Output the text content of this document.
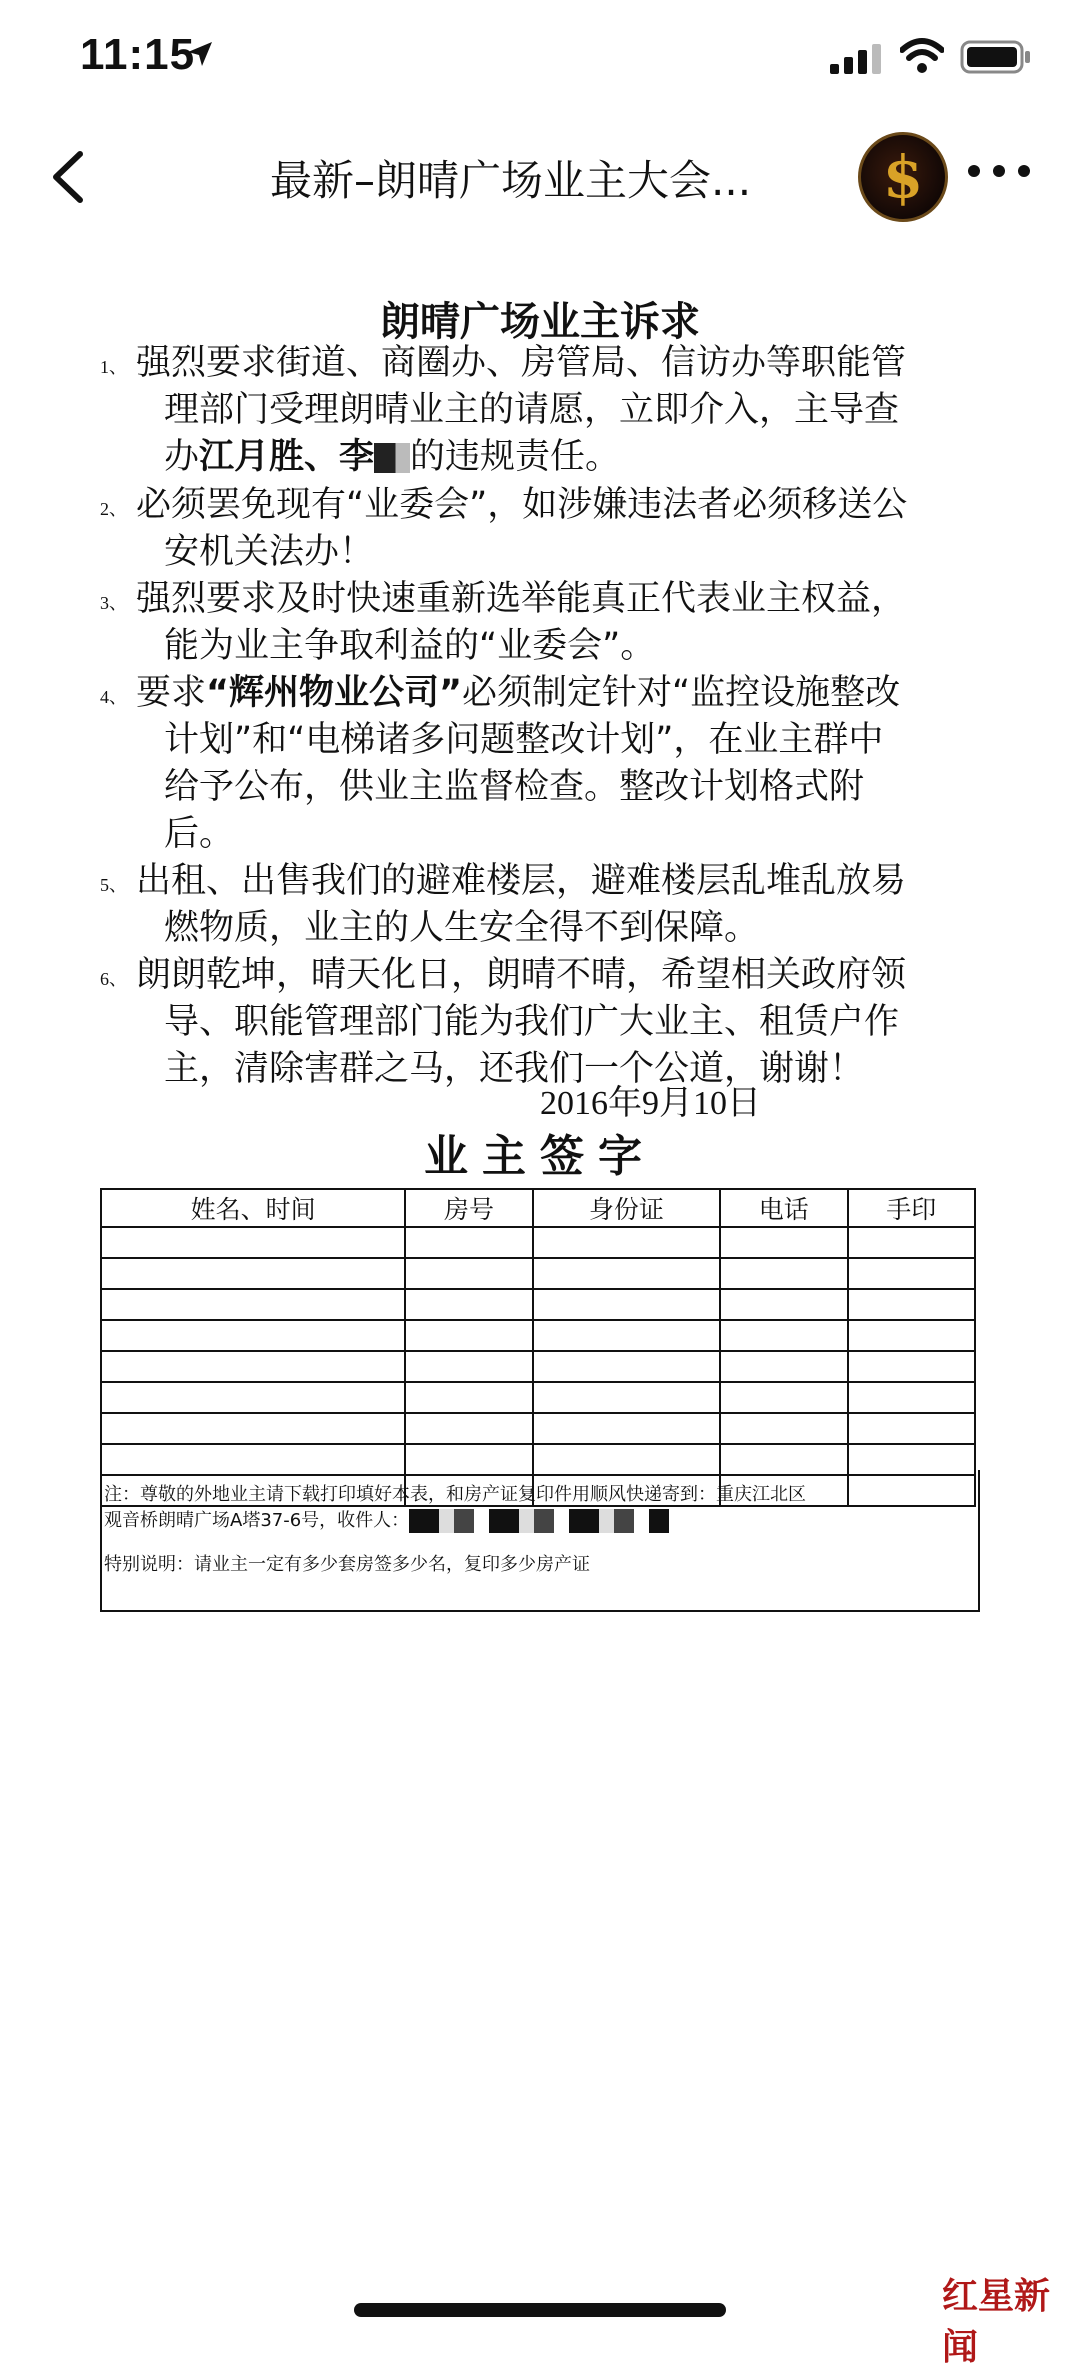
11:15
最新–朗晴广场业主大会...	$
朗晴广场业主诉求
1、 强烈要求街道、商圈办、房管局、信访办等职能管
理部门受理朗晴业主的请愿，立即介入，主导查
办江月胜、李 的违规责任。
2、 必须罢免现有“业委会”，如涉嫌违法者必须移送公
安机关法办！
3、 强烈要求及时快速重新选举能真正代表业主权益，
能为业主争取利益的“业委会”。
4、 要求“辉州物业公司”必须制定针对“监控设施整改
计划”和“电梯诸多问题整改计划”，在业主群中
给予公布，供业主监督检查。整改计划格式附
后。
5、 出租、出售我们的避难楼层，避难楼层乱堆乱放易
燃物质，业主的人生安全得不到保障。
6、 朗朗乾坤，晴天化日，朗晴不晴，希望相关政府领
导、职能管理部门能为我们广大业主、租赁户作
主，清除害群之马，还我们一个公道，谢谢！
2016年9月10日
业主签字
姓名、时间	房号	身份证	电话	手印

注：尊敬的外地业主请下载打印填好本表，和房产证复印件用顺风快递寄到：重庆江北区
观音桥朗晴广场A塔37-6号，收件人：
特别说明：请业主一定有多少套房签多少名，复印多少房产证
红星新闻
